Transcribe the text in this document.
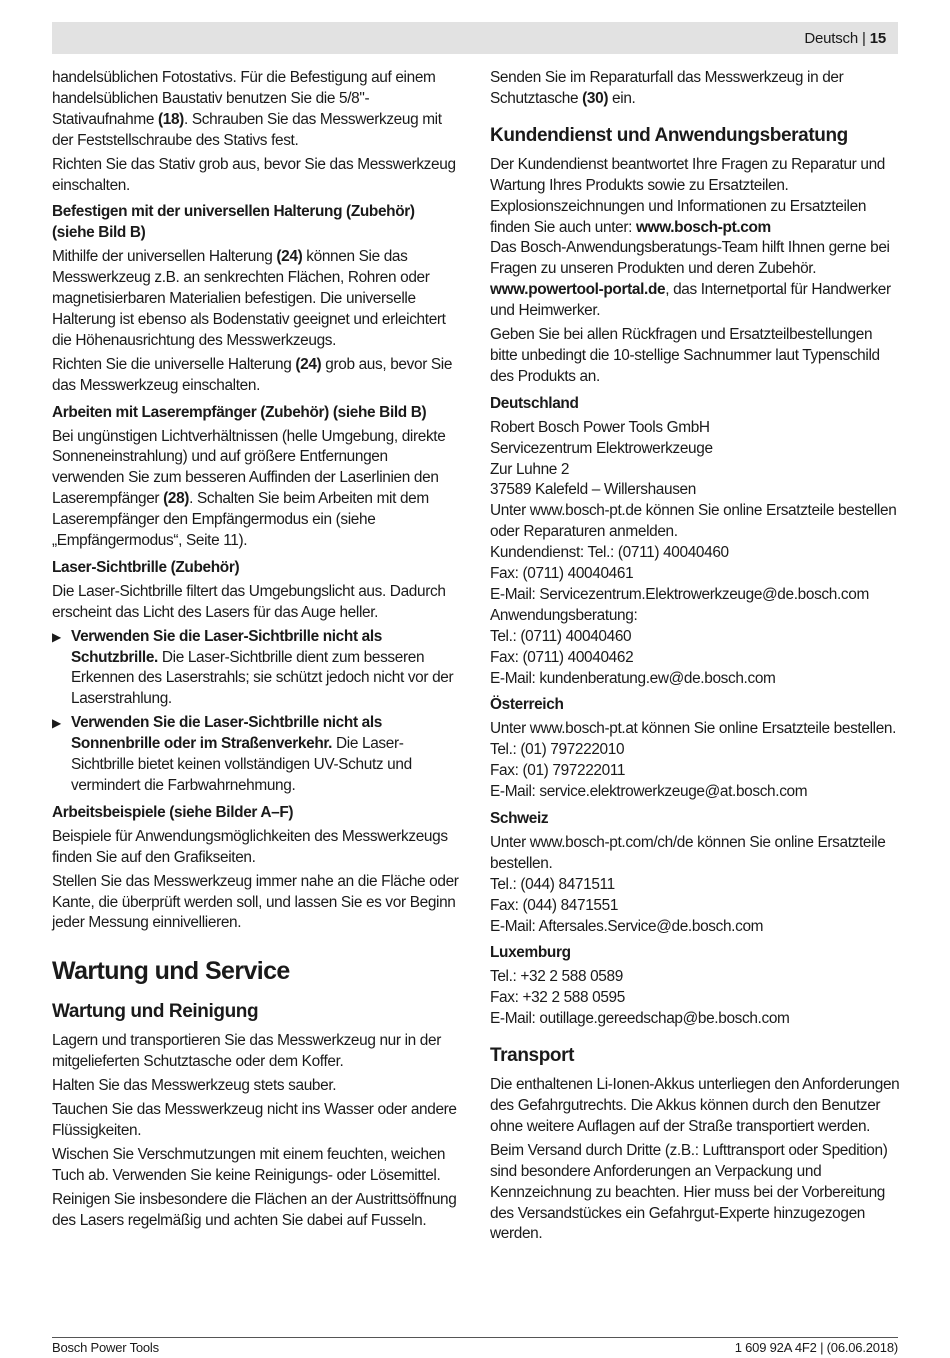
Deutsch | 15

handelsüblichen Fotostativs. Für die Befestigung auf einem handelsüblichen Baustativ benutzen Sie die 5/8"-Stativaufnahme (18). Schrauben Sie das Messwerkzeug mit der Feststellschraube des Stativs fest.

Richten Sie das Stativ grob aus, bevor Sie das Messwerkzeug einschalten.

Befestigen mit der universellen Halterung (Zubehör) (siehe Bild B)

Mithilfe der universellen Halterung (24) können Sie das Messwerkzeug z.B. an senkrechten Flächen, Rohren oder magnetisierbaren Materialien befestigen. Die universelle Halterung ist ebenso als Bodenstativ geeignet und erleichtert die Höhenausrichtung des Messwerkzeugs.

Richten Sie die universelle Halterung (24) grob aus, bevor Sie das Messwerkzeug einschalten.

Arbeiten mit Laserempfänger (Zubehör) (siehe Bild B)

Bei ungünstigen Lichtverhältnissen (helle Umgebung, direkte Sonneneinstrahlung) und auf größere Entfernungen verwenden Sie zum besseren Auffinden der Laserlinien den Laserempfänger (28). Schalten Sie beim Arbeiten mit dem Laserempfänger den Empfängermodus ein (siehe „Empfängermodus“, Seite 11).

Laser-Sichtbrille (Zubehör)

Die Laser-Sichtbrille filtert das Umgebungslicht aus. Dadurch erscheint das Licht des Lasers für das Auge heller.

▶ Verwenden Sie die Laser-Sichtbrille nicht als Schutzbrille. Die Laser-Sichtbrille dient zum besseren Erkennen des Laserstrahls; sie schützt jedoch nicht vor der Laserstrahlung.
▶ Verwenden Sie die Laser-Sichtbrille nicht als Sonnenbrille oder im Straßenverkehr. Die Laser-Sichtbrille bietet keinen vollständigen UV-Schutz und vermindert die Farbwahrnehmung.
Arbeitsbeispiele (siehe Bilder A–F)

Beispiele für Anwendungsmöglichkeiten des Messwerkzeugs finden Sie auf den Grafikseiten.

Stellen Sie das Messwerkzeug immer nahe an die Fläche oder Kante, die überprüft werden soll, und lassen Sie es vor Beginn jeder Messung einnivellieren.

Wartung und Service
Wartung und Reinigung

Lagern und transportieren Sie das Messwerkzeug nur in der mitgelieferten Schutztasche oder dem Koffer.

Halten Sie das Messwerkzeug stets sauber.

Tauchen Sie das Messwerkzeug nicht ins Wasser oder andere Flüssigkeiten.

Wischen Sie Verschmutzungen mit einem feuchten, weichen Tuch ab. Verwenden Sie keine Reinigungs- oder Lösemittel.

Reinigen Sie insbesondere die Flächen an der Austrittsöffnung des Lasers regelmäßig und achten Sie dabei auf Fusseln.

Senden Sie im Reparaturfall das Messwerkzeug in der Schutztasche (30) ein.

Kundendienst und Anwendungsberatung

Der Kundendienst beantwortet Ihre Fragen zu Reparatur und Wartung Ihres Produkts sowie zu Ersatzteilen. Explosionszeichnungen und Informationen zu Ersatzteilen finden Sie auch unter: www.bosch-pt.com

Das Bosch-Anwendungsberatungs-Team hilft Ihnen gerne bei Fragen zu unseren Produkten und deren Zubehör.

www.powertool-portal.de, das Internetportal für Handwerker und Heimwerker.

Geben Sie bei allen Rückfragen und Ersatzteilbestellungen bitte unbedingt die 10-stellige Sachnummer laut Typenschild des Produkts an.

Deutschland
Robert Bosch Power Tools GmbH
Servicezentrum Elektrowerkzeuge
Zur Luhne 2
37589 Kalefeld – Willershausen
Unter www.bosch-pt.de können Sie online Ersatzteile bestellen oder Reparaturen anmelden.
Kundendienst: Tel.: (0711) 40040460
Fax: (0711) 40040461
E-Mail: Servicezentrum.Elektrowerkzeuge@de.bosch.com
Anwendungsberatung:
Tel.: (0711) 40040460
Fax: (0711) 40040462
E-Mail: kundenberatung.ew@de.bosch.com
Österreich
Unter www.bosch-pt.at können Sie online Ersatzteile bestellen.
Tel.: (01) 797222010
Fax: (01) 797222011
E-Mail: service.elektrowerkzeuge@at.bosch.com
Schweiz
Unter www.bosch-pt.com/ch/de können Sie online Ersatzteile bestellen.
Tel.: (044) 8471511
Fax: (044) 8471551
E-Mail: Aftersales.Service@de.bosch.com
Luxemburg
Tel.: +32 2 588 0589
Fax: +32 2 588 0595
E-Mail: outillage.gereedschap@be.bosch.com
Transport

Die enthaltenen Li-Ionen-Akkus unterliegen den Anforderungen des Gefahrgutrechts. Die Akkus können durch den Benutzer ohne weitere Auflagen auf der Straße transportiert werden.

Beim Versand durch Dritte (z.B.: Lufttransport oder Spedition) sind besondere Anforderungen an Verpackung und Kennzeichnung zu beachten. Hier muss bei der Vorbereitung des Versandstückes ein Gefahrgut-Experte hinzugezogen werden.

Bosch Power Tools	1 609 92A 4F2 | (06.06.2018)
